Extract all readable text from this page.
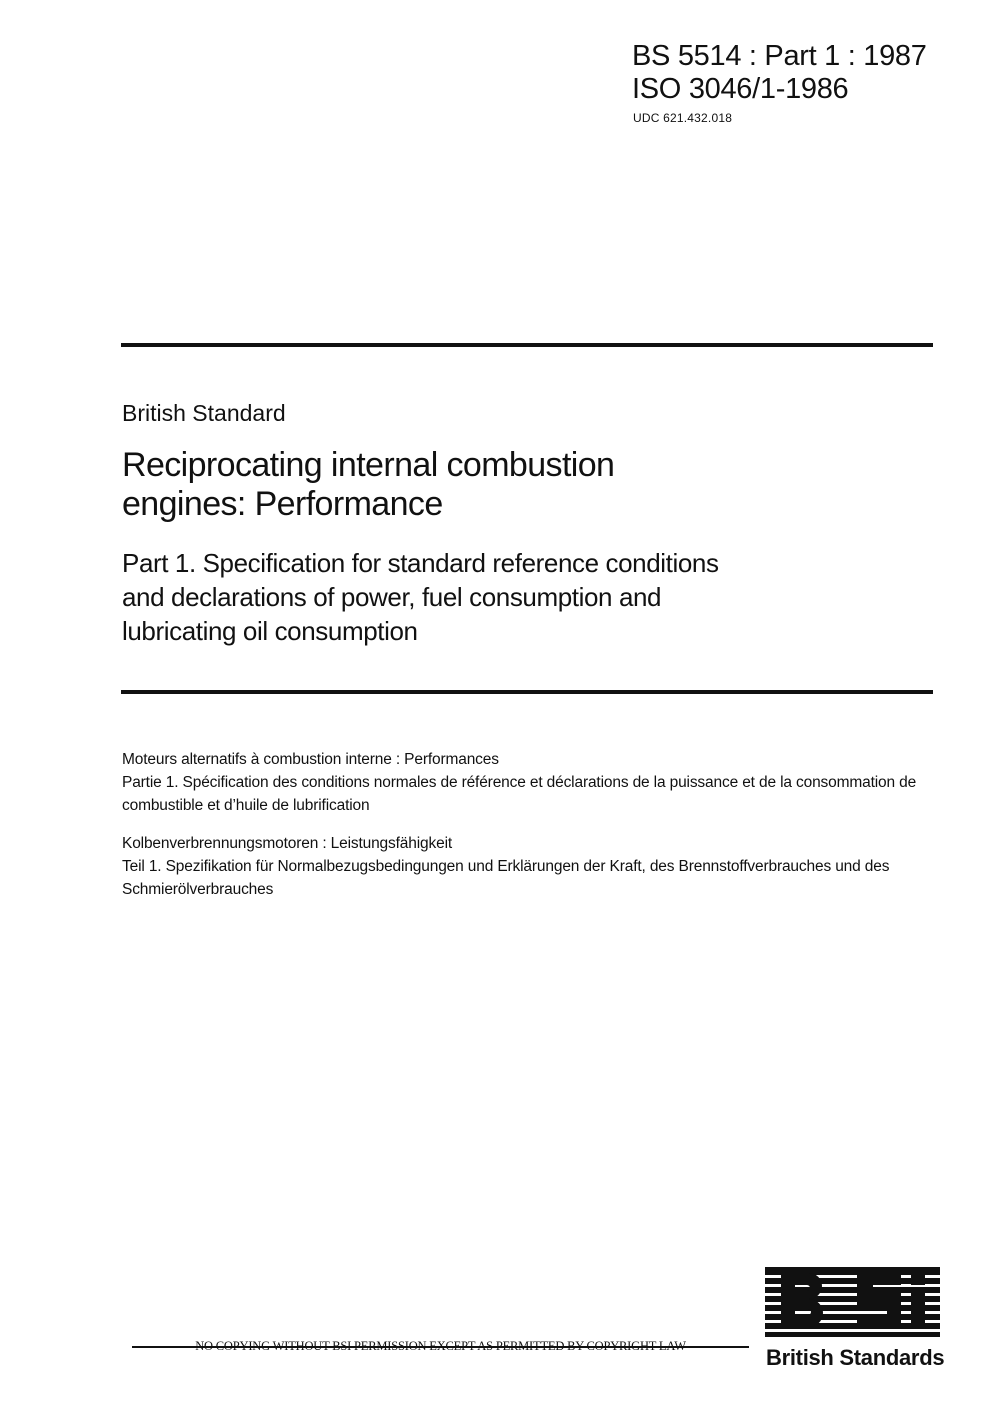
BS 5514 : Part 1 : 1987
ISO 3046/1-1986
UDC 621.432.018
British Standard
Reciprocating internal combustion
engines: Performance
Part 1. Specification for standard reference conditions
and declarations of power, fuel consumption and
lubricating oil consumption
Moteurs alternatifs à combustion interne : Performances
Partie 1. Spécification des conditions normales de référence et déclarations de la puissance et de la consommation de combustible et d’huile de lubrification
Kolbenverbrennungsmotoren : Leistungsfähigkeit
Teil 1. Spezifikation für Normalbezugsbedingungen und Erklärungen der Kraft, des Brennstoffverbrauches und des Schmierölverbrauches
NO COPYING WITHOUT BSI PERMISSION EXCEPT AS PERMITTED BY COPYRIGHT LAW	British Standards
